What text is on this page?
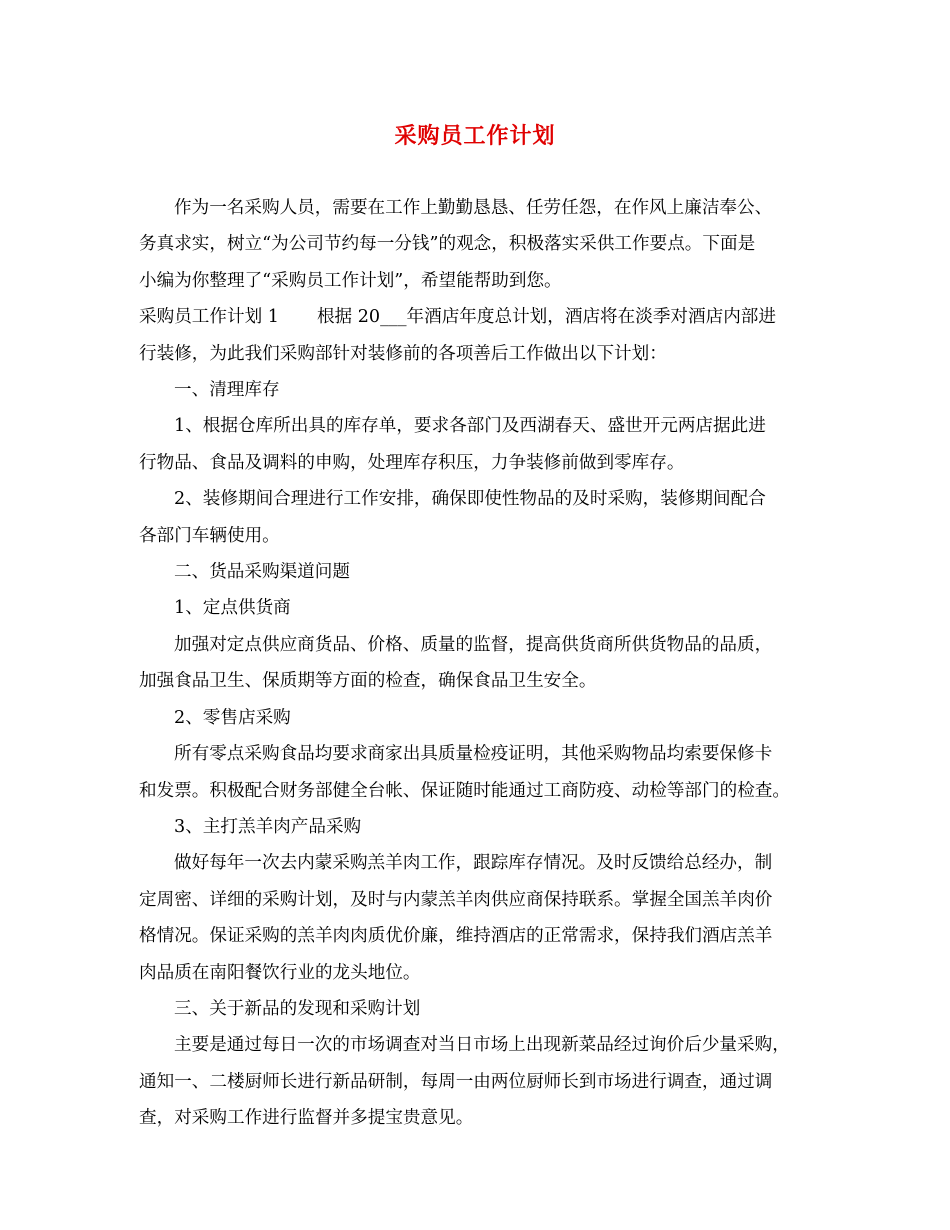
采购员工作计划

作为一名采购人员，需要在工作上勤勤恳恳、任劳任怨，在作风上廉洁奉公、
务真求实，树立“为公司节约每一分钱”的观念，积极落实采供工作要点。下面是
小编为你整理了“采购员工作计划”，希望能帮助到您。
采购员工作计划 1 根据 20___年酒店年度总计划，酒店将在淡季对酒店内部进
行装修，为此我们采购部针对装修前的各项善后工作做出以下计划：
一、清理库存
1、根据仓库所出具的库存单，要求各部门及西湖春天、盛世开元两店据此进
行物品、食品及调料的申购，处理库存积压，力争装修前做到零库存。
2、装修期间合理进行工作安排，确保即使性物品的及时采购，装修期间配合
各部门车辆使用。
二、货品采购渠道问题
1、定点供货商
加强对定点供应商货品、价格、质量的监督，提高供货商所供货物品的品质，
加强食品卫生、保质期等方面的检查，确保食品卫生安全。
2、零售店采购
所有零点采购食品均要求商家出具质量检疫证明，其他采购物品均索要保修卡
和发票。积极配合财务部健全台帐、保证随时能通过工商防疫、动检等部门的检查。
3、主打羔羊肉产品采购
做好每年一次去内蒙采购羔羊肉工作，跟踪库存情况。及时反馈给总经办，制
定周密、详细的采购计划，及时与内蒙羔羊肉供应商保持联系。掌握全国羔羊肉价
格情况。保证采购的羔羊肉肉质优价廉，维持酒店的正常需求，保持我们酒店羔羊
肉品质在南阳餐饮行业的龙头地位。
三、关于新品的发现和采购计划
主要是通过每日一次的市场调查对当日市场上出现新菜品经过询价后少量采购，
通知一、二楼厨师长进行新品研制，每周一由两位厨师长到市场进行调查，通过调
查，对采购工作进行监督并多提宝贵意见。
